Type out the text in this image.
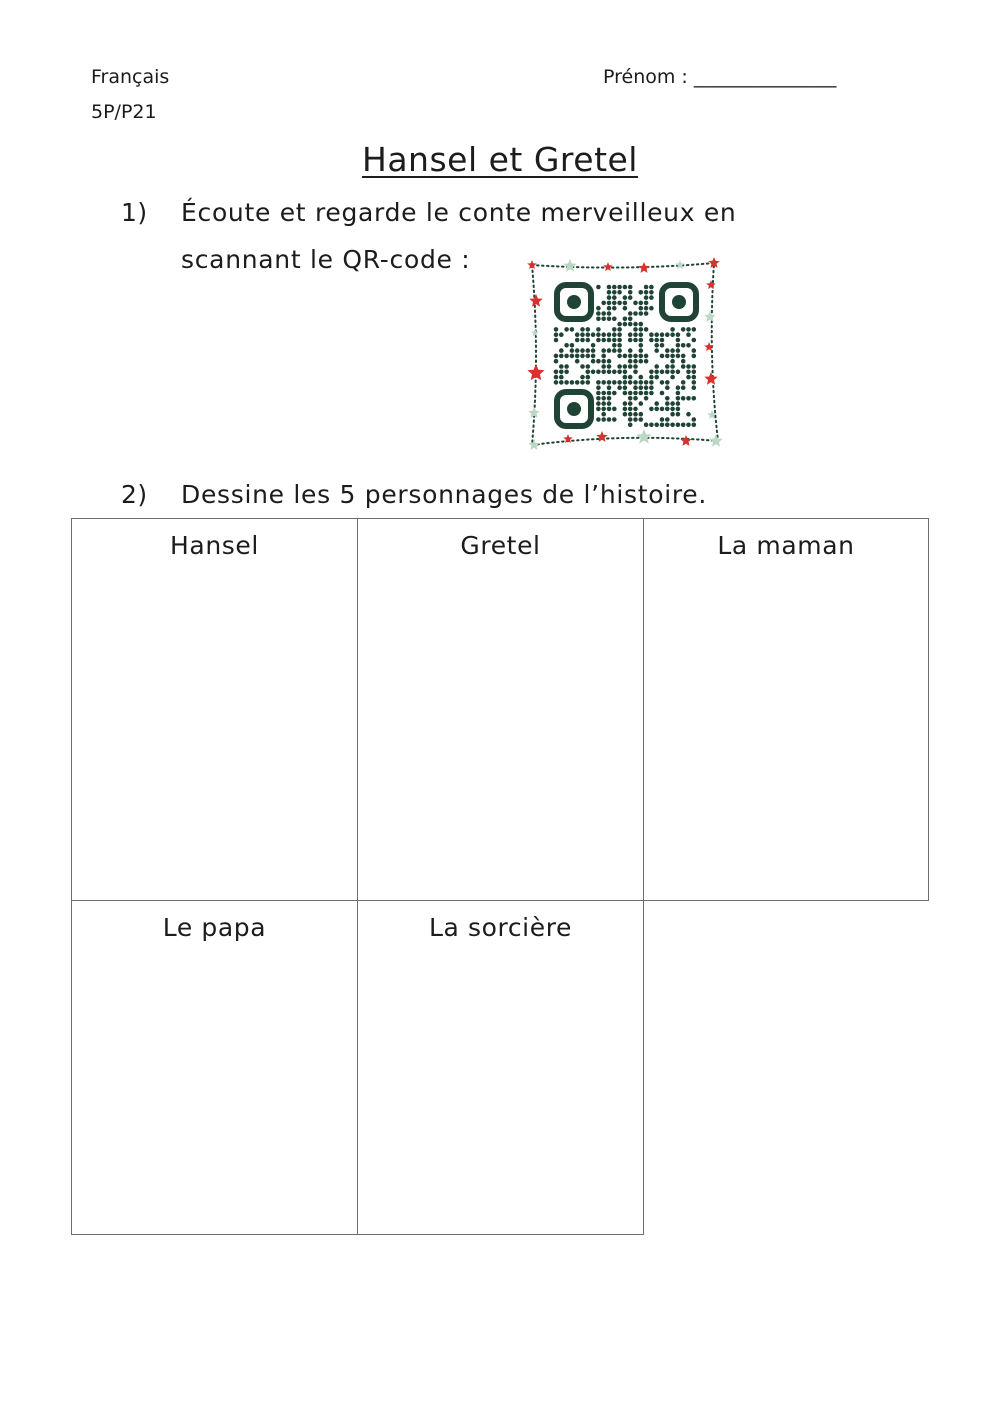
Français
5P/P21
Prénom : _______________
Hansel et Gretel
1) Écoute et regarde le conte merveilleux en
scannant le QR-code :
2) Dessine les 5 personnages de l’histoire.
Hansel	Gretel	La maman
Le papa	La sorcière
